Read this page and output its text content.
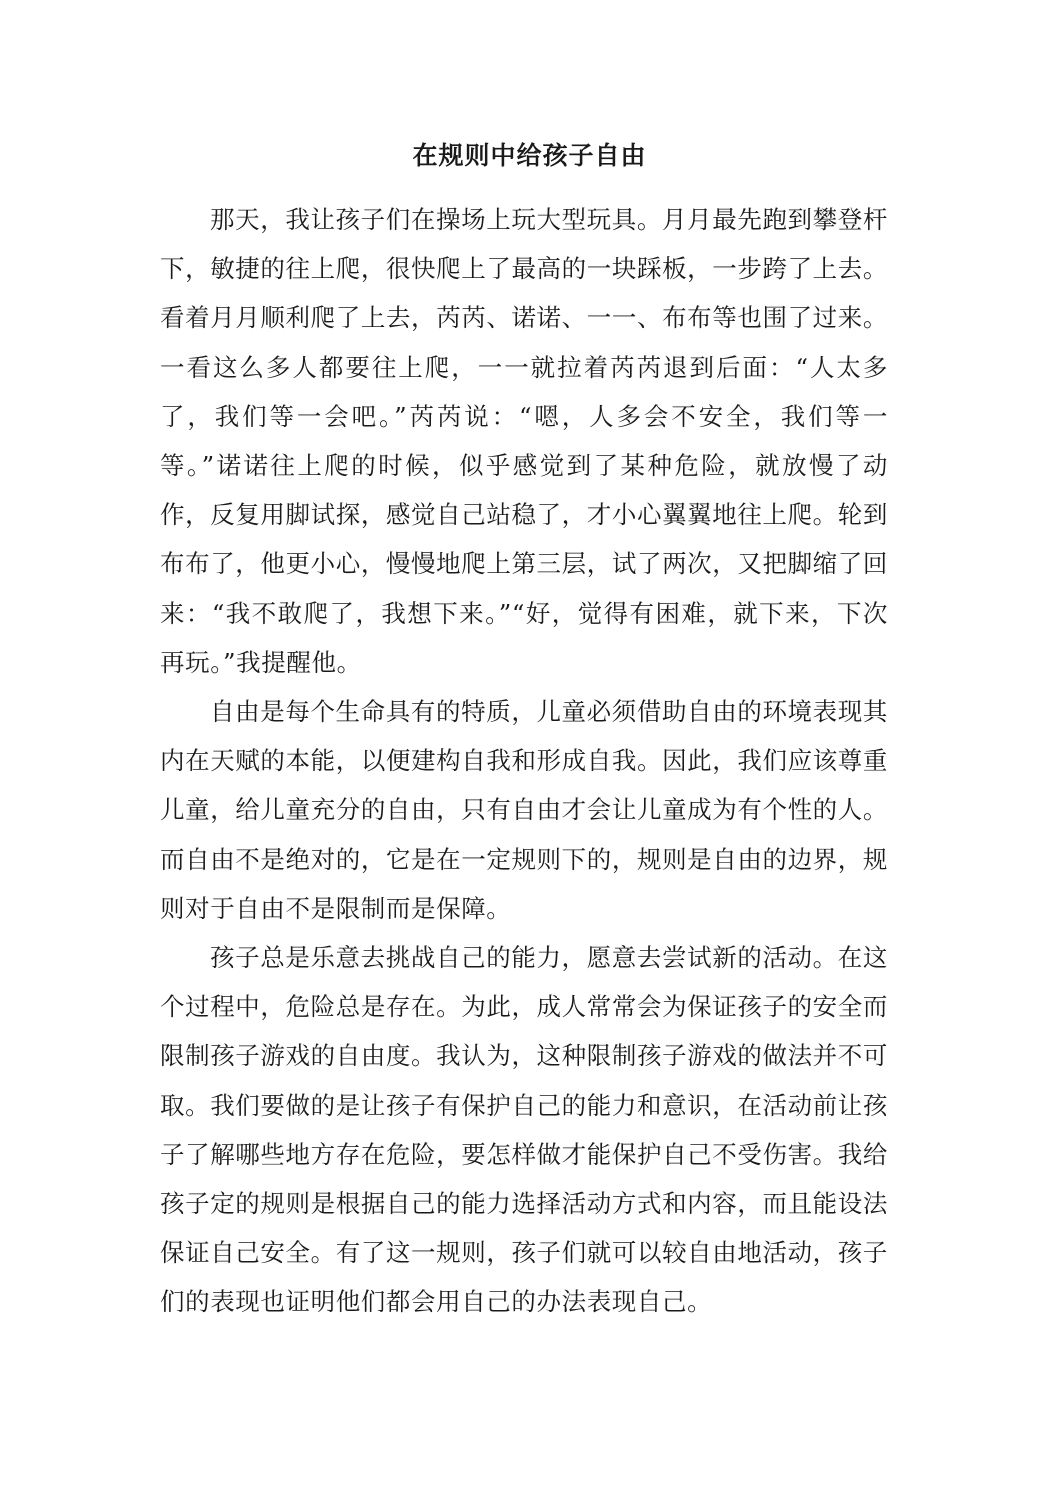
在规则中给孩子自由

那天，我让孩子们在操场上玩大型玩具。月月最先跑到攀登杆下，敏捷的往上爬，很快爬上了最高的一块踩板，一步跨了上去。看着月月顺利爬了上去，芮芮、诺诺、一一、布布等也围了过来。一看这么多人都要往上爬，一一就拉着芮芮退到后面：“人太多了，我们等一会吧。”芮芮说：“嗯，人多会不安全，我们等一等。”诺诺往上爬的时候，似乎感觉到了某种危险，就放慢了动作，反复用脚试探，感觉自己站稳了，才小心翼翼地往上爬。轮到布布了，他更小心，慢慢地爬上第三层，试了两次，又把脚缩了回来：“我不敢爬了，我想下来。”“好，觉得有困难，就下来，下次再玩。”我提醒他。

自由是每个生命具有的特质，儿童必须借助自由的环境表现其内在天赋的本能，以便建构自我和形成自我。因此，我们应该尊重儿童，给儿童充分的自由，只有自由才会让儿童成为有个性的人。而自由不是绝对的，它是在一定规则下的，规则是自由的边界，规则对于自由不是限制而是保障。

孩子总是乐意去挑战自己的能力，愿意去尝试新的活动。在这个过程中，危险总是存在。为此，成人常常会为保证孩子的安全而限制孩子游戏的自由度。我认为，这种限制孩子游戏的做法并不可取。我们要做的是让孩子有保护自己的能力和意识，在活动前让孩子了解哪些地方存在危险，要怎样做才能保护自己不受伤害。我给孩子定的规则是根据自己的能力选择活动方式和内容，而且能设法保证自己安全。有了这一规则，孩子们就可以较自由地活动，孩子们的表现也证明他们都会用自己的办法表现自己。
